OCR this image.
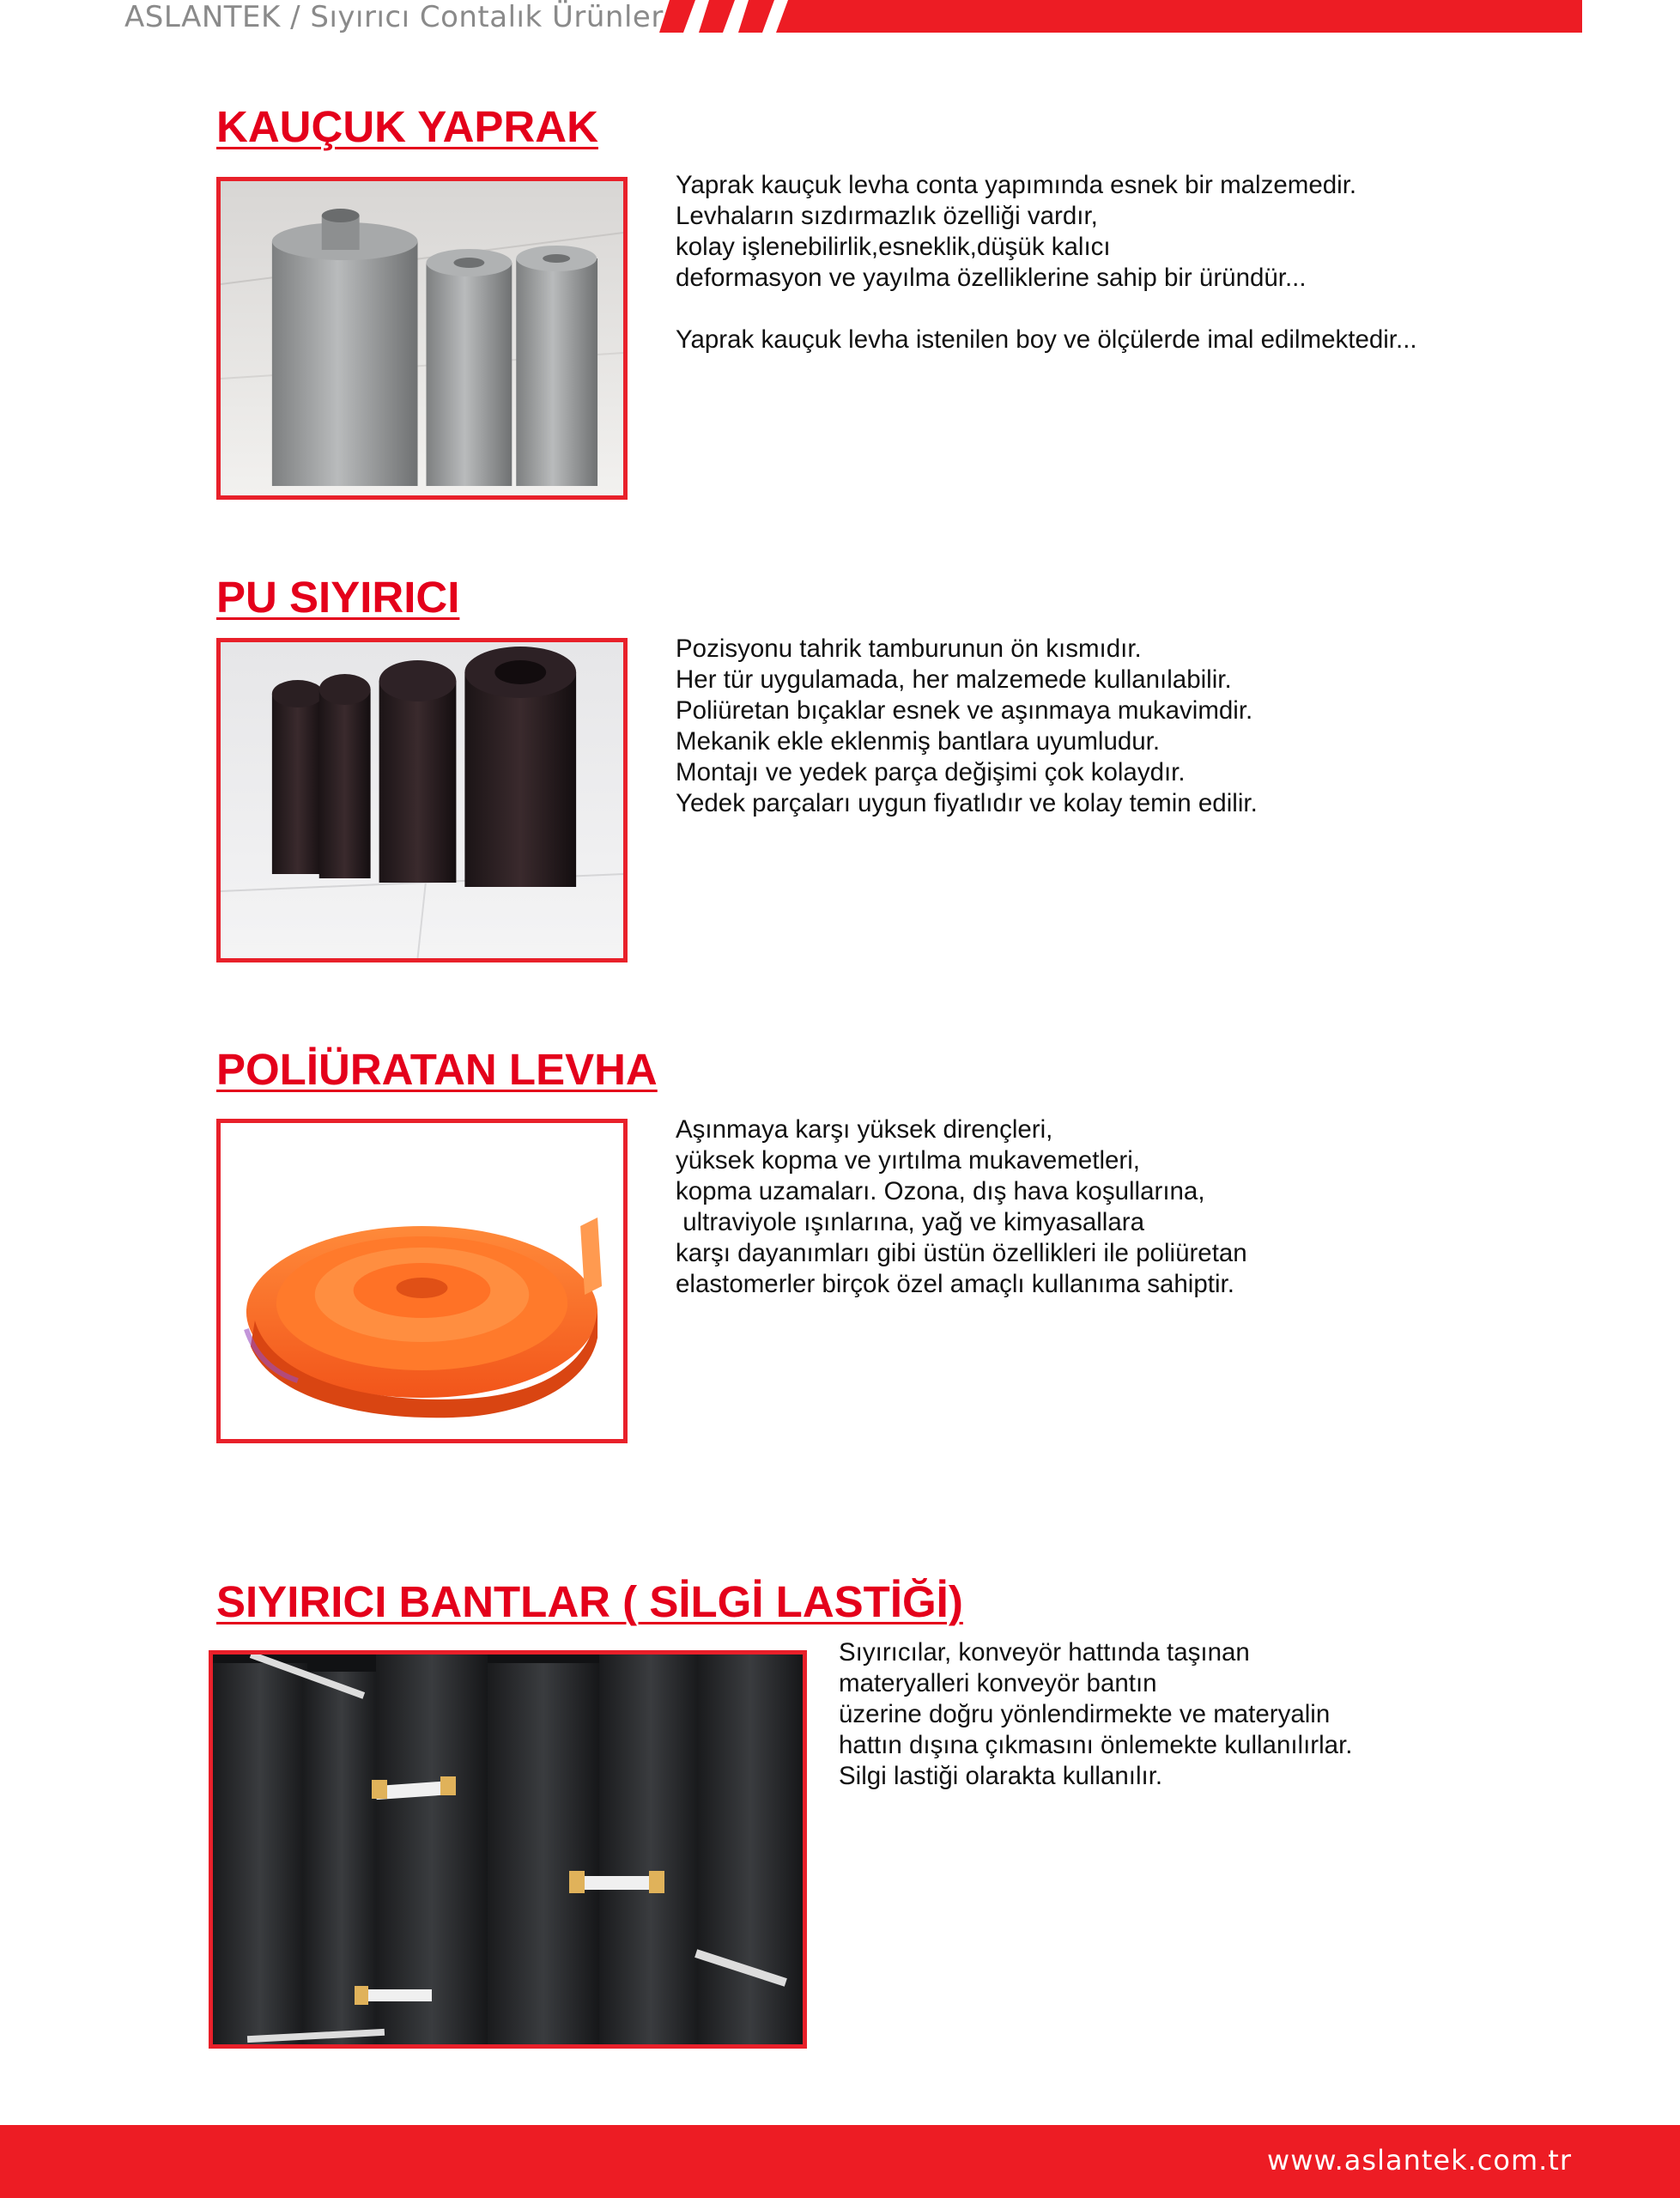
ASLANTEK / Sıyırıcı Contalık Ürünler
KAUÇUK YAPRAK

Yaprak kauçuk levha conta yapımında esnek bir malzemedir.

Levhaların sızdırmazlık özelliği vardır,

kolay işlenebilirlik,esneklik,düşük kalıcı

deformasyon ve yayılma özelliklerine sahip bir üründür...

Yaprak kauçuk levha istenilen boy ve ölçülerde imal edilmektedir...

PU SIYIRICI

Pozisyonu tahrik tamburunun ön kısmıdır.

Her tür uygulamada, her malzemede kullanılabilir.

Poliüretan bıçaklar esnek ve aşınmaya mukavimdir.

Mekanik ekle eklenmiş bantlara uyumludur.

Montajı ve yedek parça değişimi çok kolaydır.

Yedek parçaları uygun fiyatlıdır ve kolay temin edilir.

POLİÜRATAN LEVHA

Aşınmaya karşı yüksek dirençleri,

yüksek kopma ve yırtılma mukavemetleri,

kopma uzamaları. Ozona, dış hava koşullarına,

ultraviyole ışınlarına, yağ ve kimyasallara

karşı dayanımları gibi üstün özellikleri ile poliüretan

elastomerler birçok özel amaçlı kullanıma sahiptir.

SIYIRICI BANTLAR ( SİLGİ LASTİĞİ)

Sıyırıcılar, konveyör hattında taşınan

materyalleri konveyör bantın

üzerine doğru yönlendirmekte ve materyalin

hattın dışına çıkmasını önlemekte kullanılırlar.

Silgi lastiği olarakta kullanılır.

www.aslantek.com.tr
